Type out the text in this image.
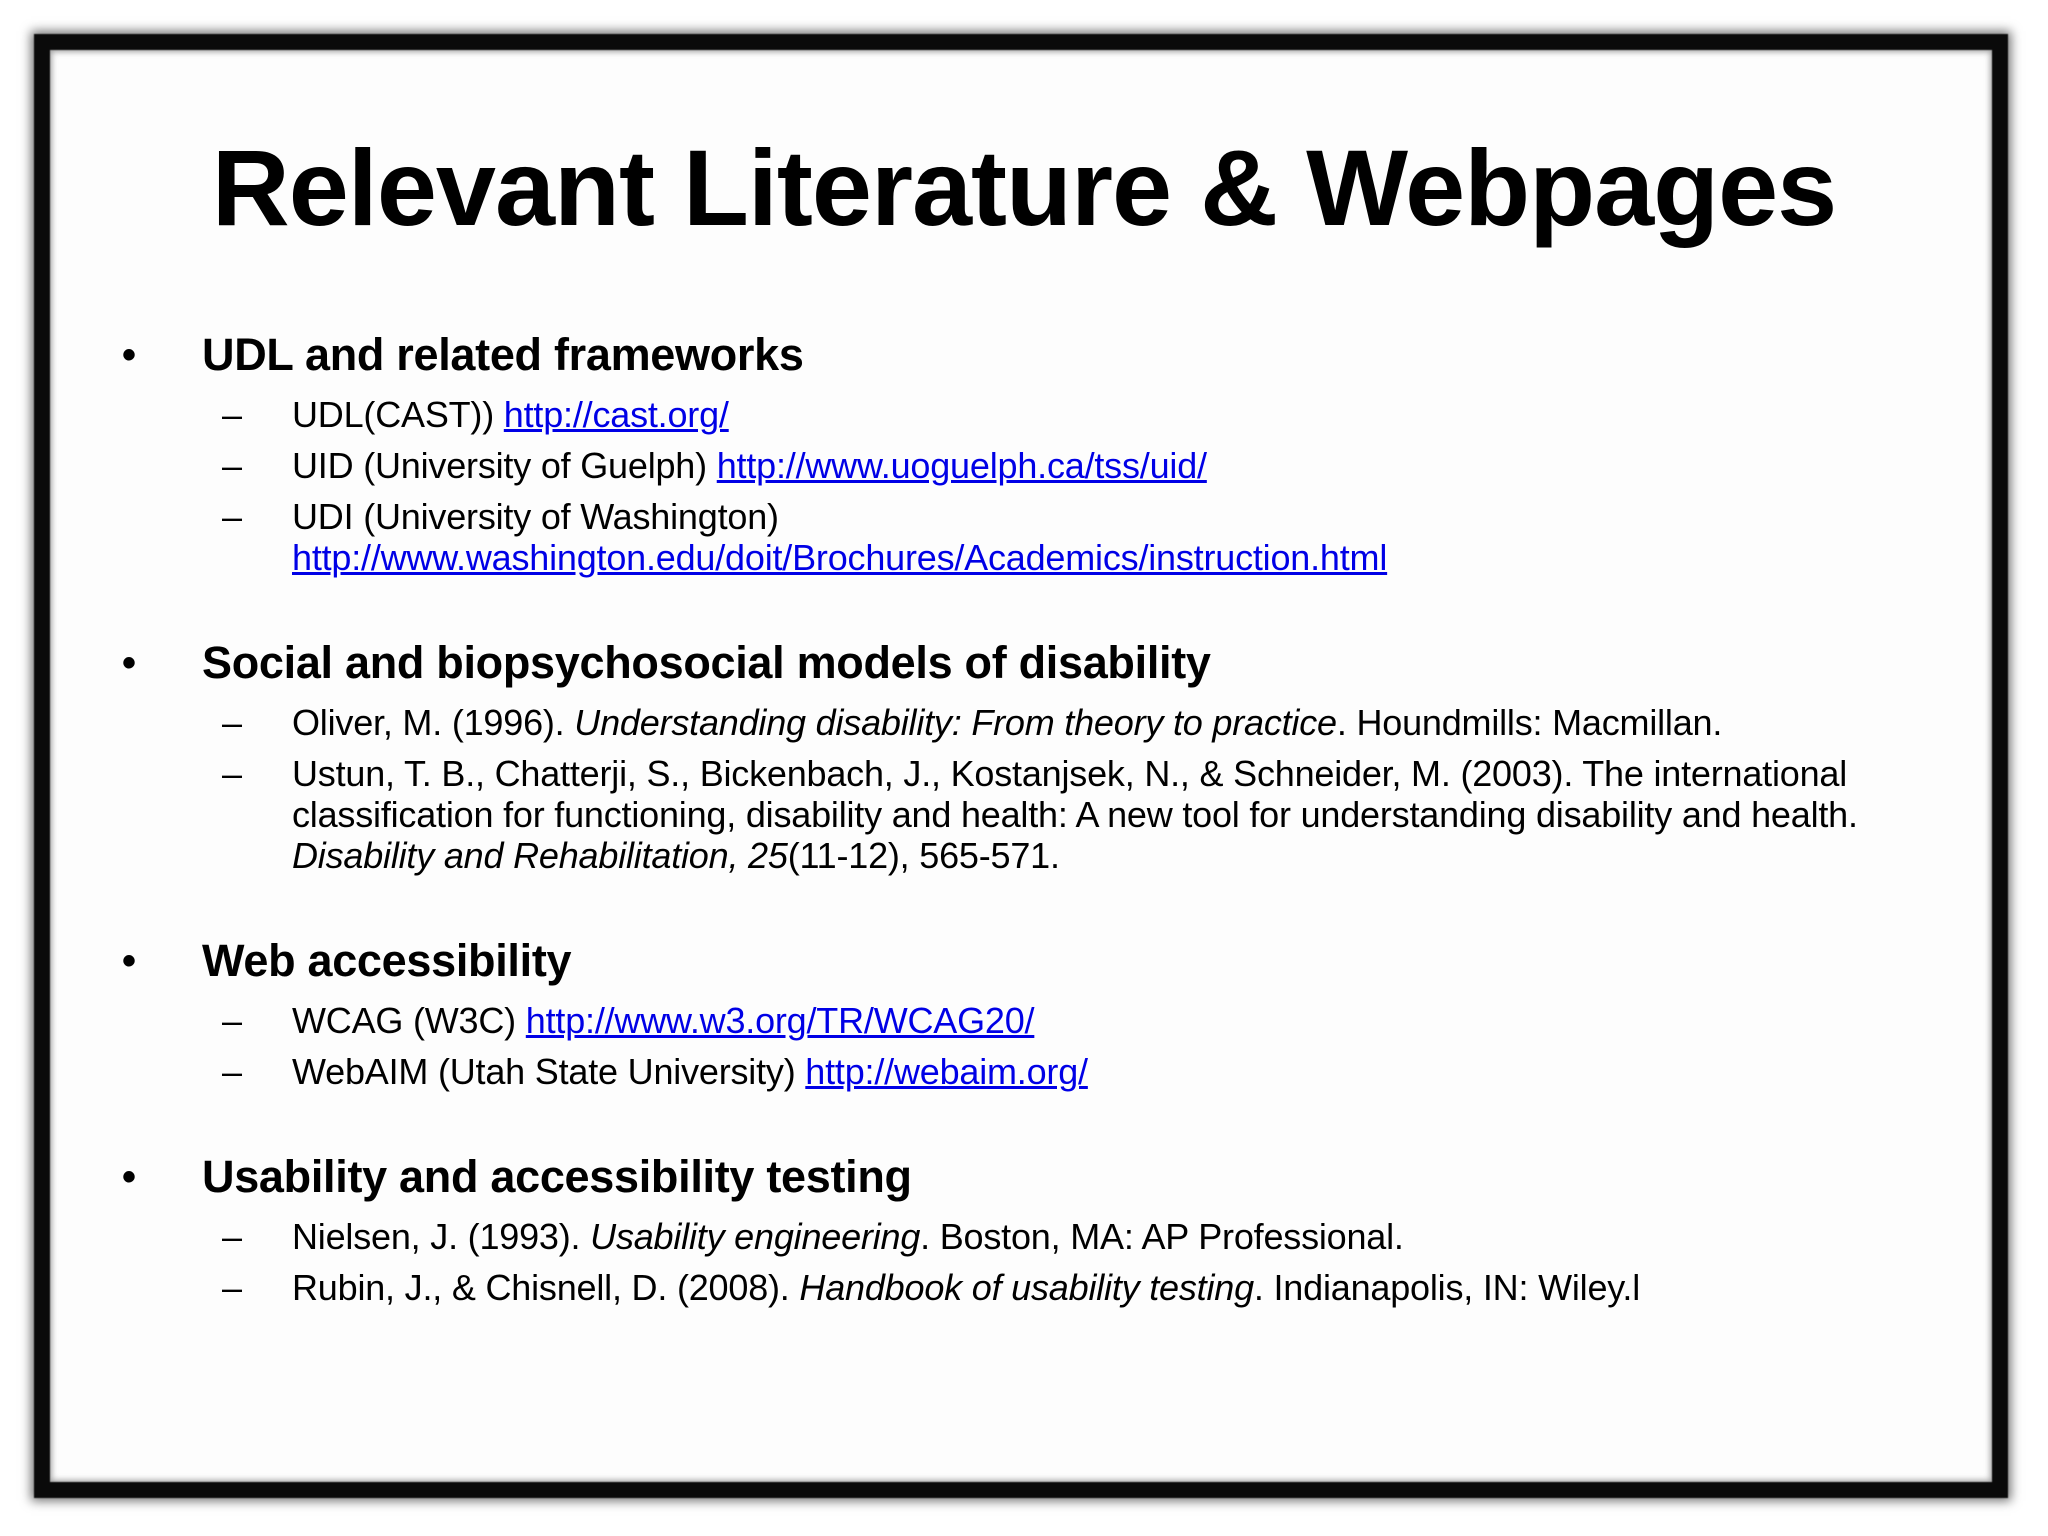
Relevant Literature & Webpages
•	UDL and related frameworks
– UDL(CAST)) http://cast.org/
– UID (University of Guelph) http://www.uoguelph.ca/tss/uid/
– UDI (University of Washington)
http://www.washington.edu/doit/Brochures/Academics/instruction.html
•	Social and biopsychosocial models of disability
– Oliver, M. (1996). Understanding disability: From theory to practice. Houndmills: Macmillan.
– Ustun, T. B., Chatterji, S., Bickenbach, J., Kostanjsek, N., & Schneider, M. (2003). The international classification for functioning, disability and health: A new tool for understanding disability and health. Disability and Rehabilitation, 25(11-12), 565-571.
•	Web accessibility
– WCAG (W3C) http://www.w3.org/TR/WCAG20/
– WebAIM (Utah State University) http://webaim.org/
•	Usability and accessibility testing
– Nielsen, J. (1993). Usability engineering. Boston, MA: AP Professional.
– Rubin, J., & Chisnell, D. (2008). Handbook of usability testing. Indianapolis, IN: Wiley.l
